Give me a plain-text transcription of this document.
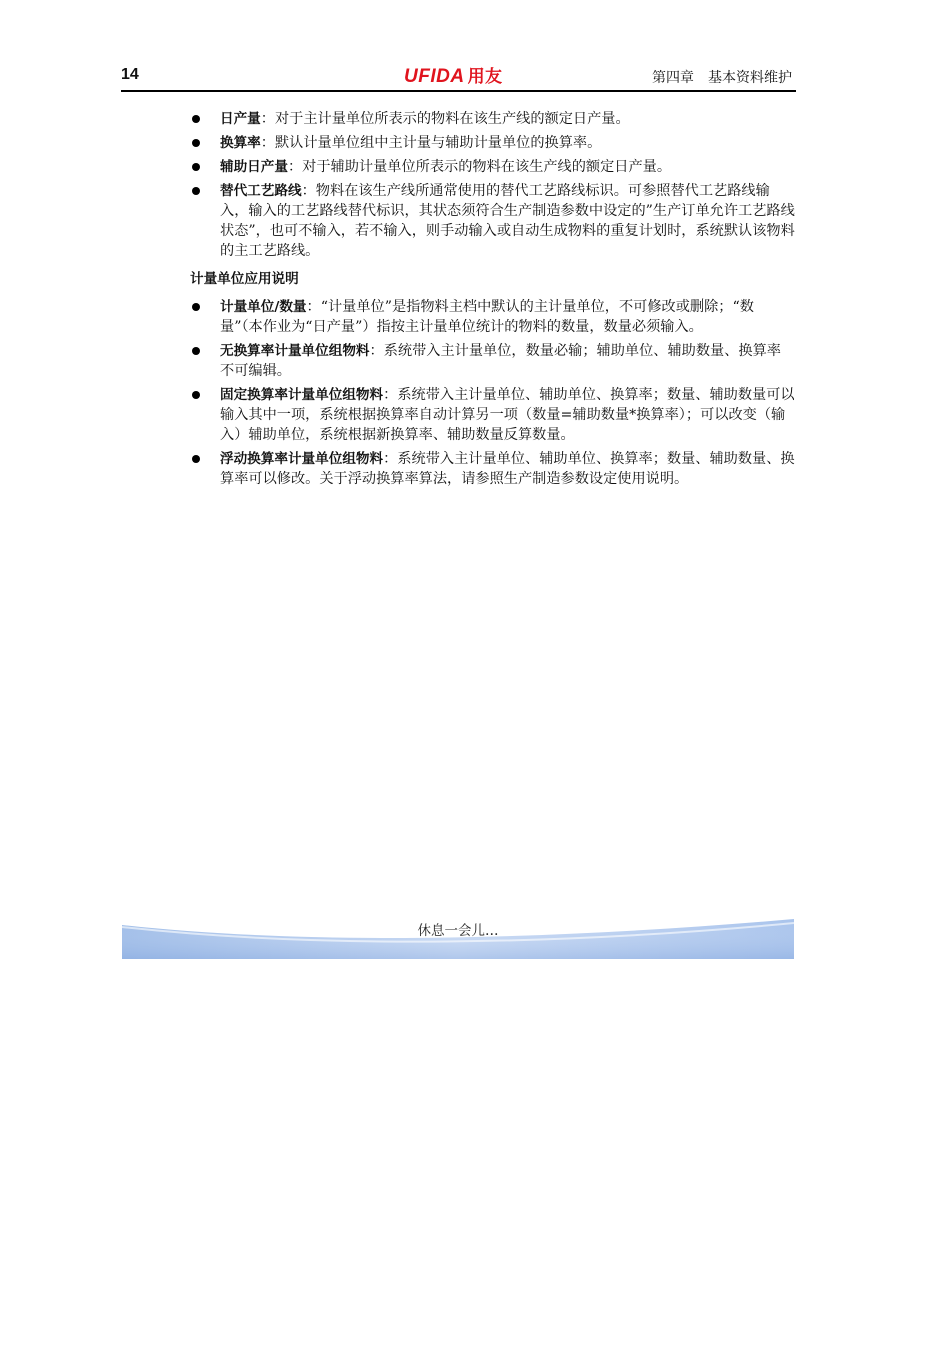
14	UFIDA 用友	第四章　基本资料维护
日产量：对于主计量单位所表示的物料在该生产线的额定日产量。
换算率：默认计量单位组中主计量与辅助计量单位的换算率。
辅助日产量：对于辅助计量单位所表示的物料在该生产线的额定日产量。
替代工艺路线：物料在该生产线所通常使用的替代工艺路线标识。可参照替代工艺路线输入，输入的工艺路线替代标识，其状态须符合生产制造参数中设定的”生产订单允许工艺路线状态”，也可不输入，若不输入，则手动输入或自动生成物料的重复计划时，系统默认该物料的主工艺路线。
计量单位应用说明
计量单位/数量：“计量单位”是指物料主档中默认的主计量单位，不可修改或删除；“数量”（本作业为“日产量”）指按主计量单位统计的物料的数量，数量必须输入。
无换算率计量单位组物料：系统带入主计量单位，数量必输；辅助单位、辅助数量、换算率不可编辑。
固定换算率计量单位组物料：系统带入主计量单位、辅助单位、换算率；数量、辅助数量可以输入其中一项，系统根据换算率自动计算另一项（数量=辅助数量*换算率）；可以改变（输入）辅助单位，系统根据新换算率、辅助数量反算数量。
浮动换算率计量单位组物料：系统带入主计量单位、辅助单位、换算率；数量、辅助数量、换算率可以修改。关于浮动换算率算法，请参照生产制造参数设定使用说明。
休息一会儿…
